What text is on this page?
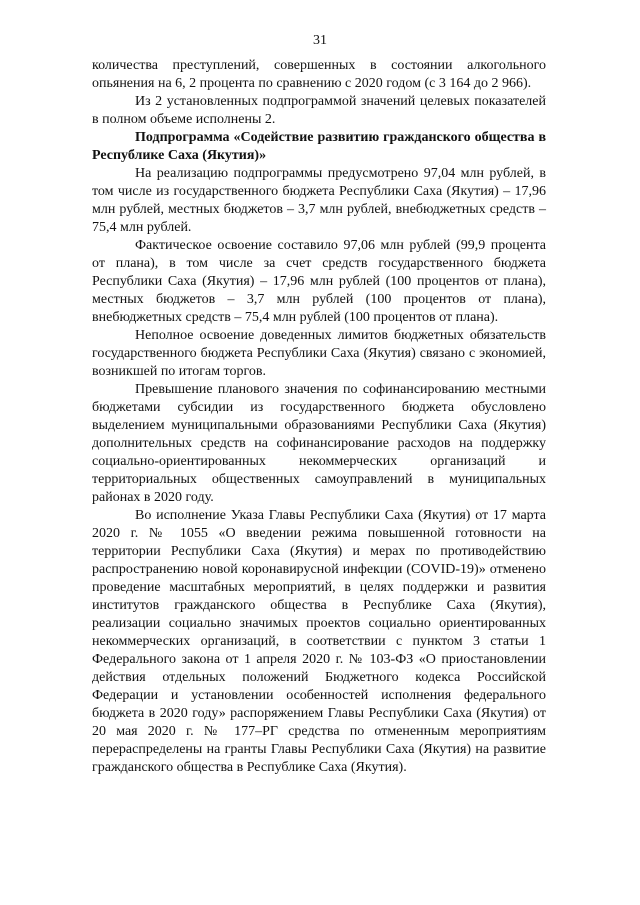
31

количества преступлений, совершенных в состоянии алкогольного опьянения на 6, 2 процента по сравнению с 2020 годом (с 3 164 до 2 966).

Из 2 установленных подпрограммой значений целевых показателей в полном объеме исполнены 2.

Подпрограмма «Содействие развитию гражданского общества в Республике Саха (Якутия)»

На реализацию подпрограммы предусмотрено 97,04 млн рублей, в том числе из государственного бюджета Республики Саха (Якутия) – 17,96 млн рублей, местных бюджетов – 3,7 млн рублей, внебюджетных средств – 75,4 млн рублей.

Фактическое освоение составило 97,06 млн рублей (99,9 процента от плана), в том числе за счет средств государственного бюджета Республики Саха (Якутия) – 17,96 млн рублей (100 процентов от плана), местных бюджетов – 3,7 млн рублей (100 процентов от плана), внебюджетных средств – 75,4 млн рублей (100 процентов от плана).

Неполное освоение доведенных лимитов бюджетных обязательств государственного бюджета Республики Саха (Якутия) связано с экономией, возникшей по итогам торгов.

Превышение планового значения по софинансированию местными бюджетами субсидии из государственного бюджета обусловлено выделением муниципальными образованиями Республики Саха (Якутия) дополнительных средств на софинансирование расходов на поддержку социально-ориентированных некоммерческих организаций и территориальных общественных самоуправлений в муниципальных районах в 2020 году.

Во исполнение Указа Главы Республики Саха (Якутия) от 17 марта 2020 г. № 1055 «О введении режима повышенной готовности на территории Республики Саха (Якутия) и мерах по противодействию распространению новой коронавирусной инфекции (COVID-19)» отменено проведение масштабных мероприятий, в целях поддержки и развития институтов гражданского общества в Республике Саха (Якутия), реализации социально значимых проектов социально ориентированных некоммерческих организаций, в соответствии с пунктом 3 статьи 1 Федерального закона от 1 апреля 2020 г. № 103-ФЗ «О приостановлении действия отдельных положений Бюджетного кодекса Российской Федерации и установлении особенностей исполнения федерального бюджета в 2020 году» распоряжением Главы Республики Саха (Якутия) от 20 мая 2020 г. № 177–РГ средства по отмененным мероприятиям перераспределены на гранты Главы Республики Саха (Якутия) на развитие гражданского общества в Республике Саха (Якутия).
